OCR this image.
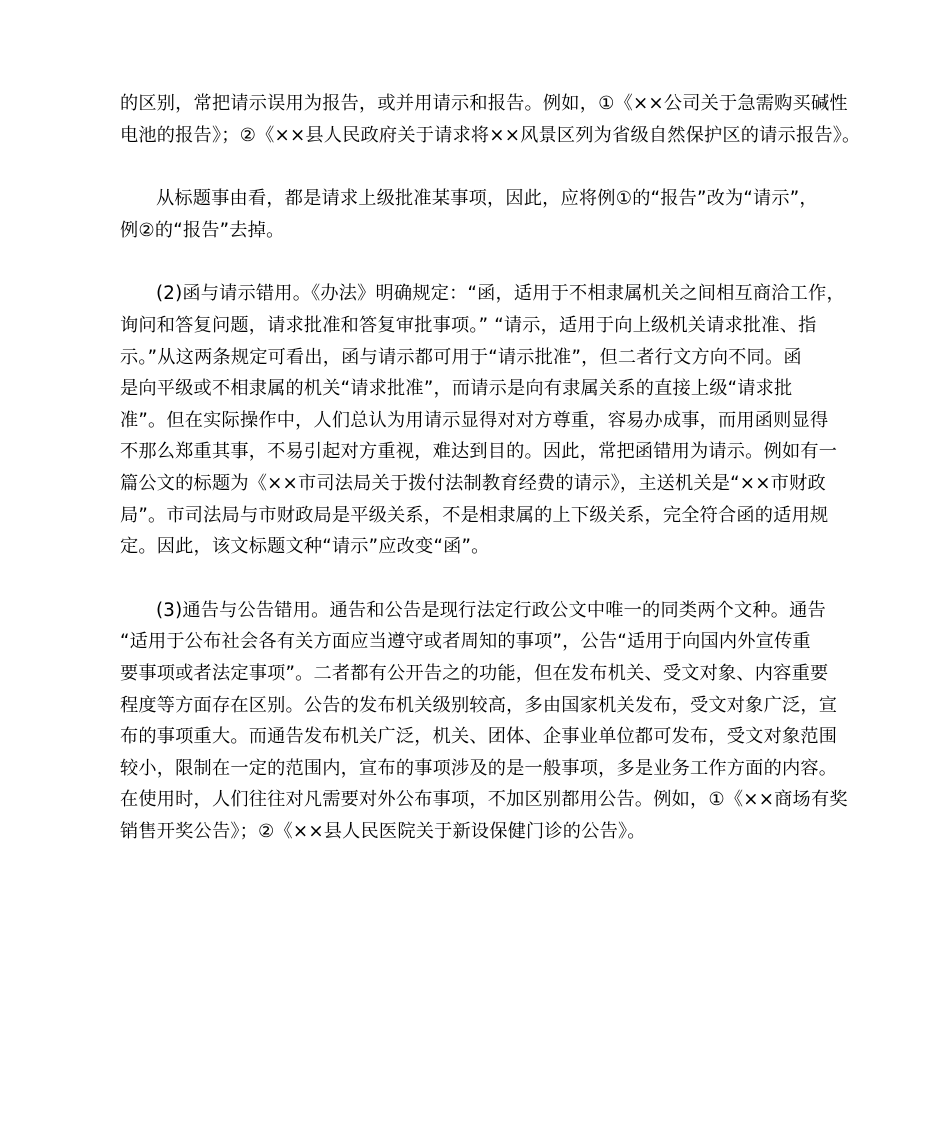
的区别，常把请示误用为报告，或并用请示和报告。例如，①《××公司关于急需购买碱性
电池的报告》；②《××县人民政府关于请求将××风景区列为省级自然保护区的请示报告》。

从标题事由看，都是请求上级批准某事项，因此，应将例①的“报告”改为“请示”，
例②的“报告”去掉。

(2)函与请示错用。《办法》明确规定：“函，适用于不相隶属机关之间相互商洽工作，
询问和答复问题，请求批准和答复审批事项。” “请示，适用于向上级机关请求批准、指
示。”从这两条规定可看出，函与请示都可用于“请示批准”，但二者行文方向不同。函
是向平级或不相隶属的机关“请求批准”，而请示是向有隶属关系的直接上级“请求批
准”。但在实际操作中，人们总认为用请示显得对对方尊重，容易办成事，而用函则显得
不那么郑重其事，不易引起对方重视，难达到目的。因此，常把函错用为请示。例如有一
篇公文的标题为《××市司法局关于拨付法制教育经费的请示》，主送机关是“××市财政
局”。市司法局与市财政局是平级关系，不是相隶属的上下级关系，完全符合函的适用规
定。因此，该文标题文种“请示”应改变“函”。

(3)通告与公告错用。通告和公告是现行法定行政公文中唯一的同类两个文种。通告
“适用于公布社会各有关方面应当遵守或者周知的事项”，公告“适用于向国内外宣传重
要事项或者法定事项”。二者都有公开告之的功能，但在发布机关、受文对象、内容重要
程度等方面存在区别。公告的发布机关级别较高，多由国家机关发布，受文对象广泛，宣
布的事项重大。而通告发布机关广泛，机关、团体、企事业单位都可发布，受文对象范围
较小，限制在一定的范围内，宣布的事项涉及的是一般事项，多是业务工作方面的内容。
在使用时，人们往往对凡需要对外公布事项，不加区别都用公告。例如，①《××商场有奖
销售开奖公告》；②《××县人民医院关于新设保健门诊的公告》。
